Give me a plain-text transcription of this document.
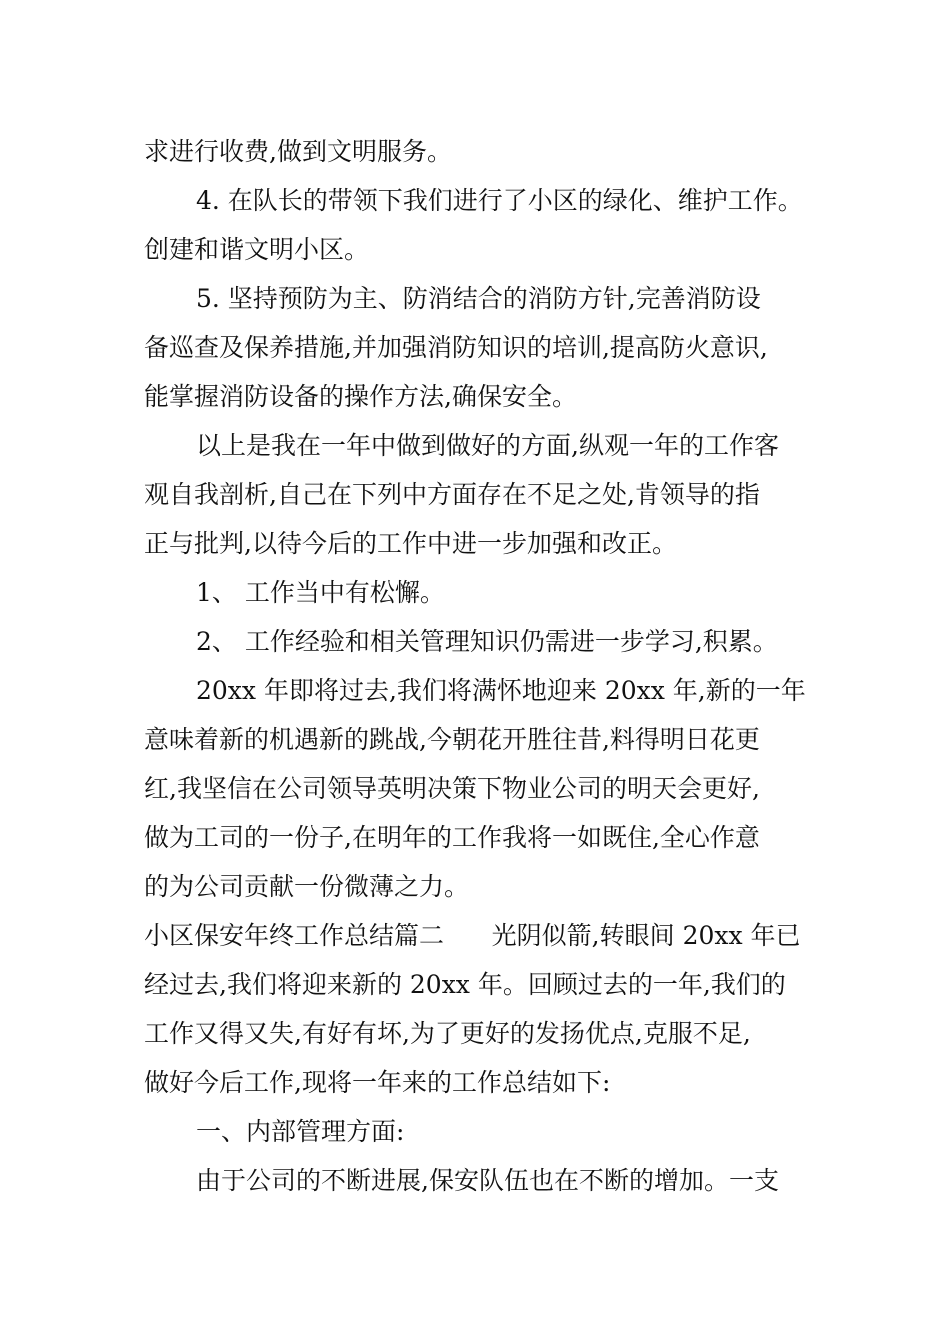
求进行收费,做到文明服务。
4. 在队长的带领下我们进行了小区的绿化、维护工作。
创建和谐文明小区。
5. 坚持预防为主、防消结合的消防方针,完善消防设
备巡查及保养措施,并加强消防知识的培训,提高防火意识,
能掌握消防设备的操作方法,确保安全。
以上是我在一年中做到做好的方面,纵观一年的工作客
观自我剖析,自己在下列中方面存在不足之处,肯领导的指
正与批判,以待今后的工作中进一步加强和改正。
1、 工作当中有松懈。
2、 工作经验和相关管理知识仍需进一步学习,积累。
20xx 年即将过去,我们将满怀地迎来 20xx 年,新的一年
意味着新的机遇新的跳战,今朝花开胜往昔,料得明日花更
红,我坚信在公司领导英明决策下物业公司的明天会更好,
做为工司的一份子,在明年的工作我将一如既住,全心作意
的为公司贡献一份微薄之力。
小区保安年终工作总结篇二      光阴似箭,转眼间 20xx 年已
经过去,我们将迎来新的 20xx 年。回顾过去的一年,我们的
工作又得又失,有好有坏,为了更好的发扬优点,克服不足,
做好今后工作,现将一年来的工作总结如下:
一、内部管理方面:
由于公司的不断进展,保安队伍也在不断的增加。一支
